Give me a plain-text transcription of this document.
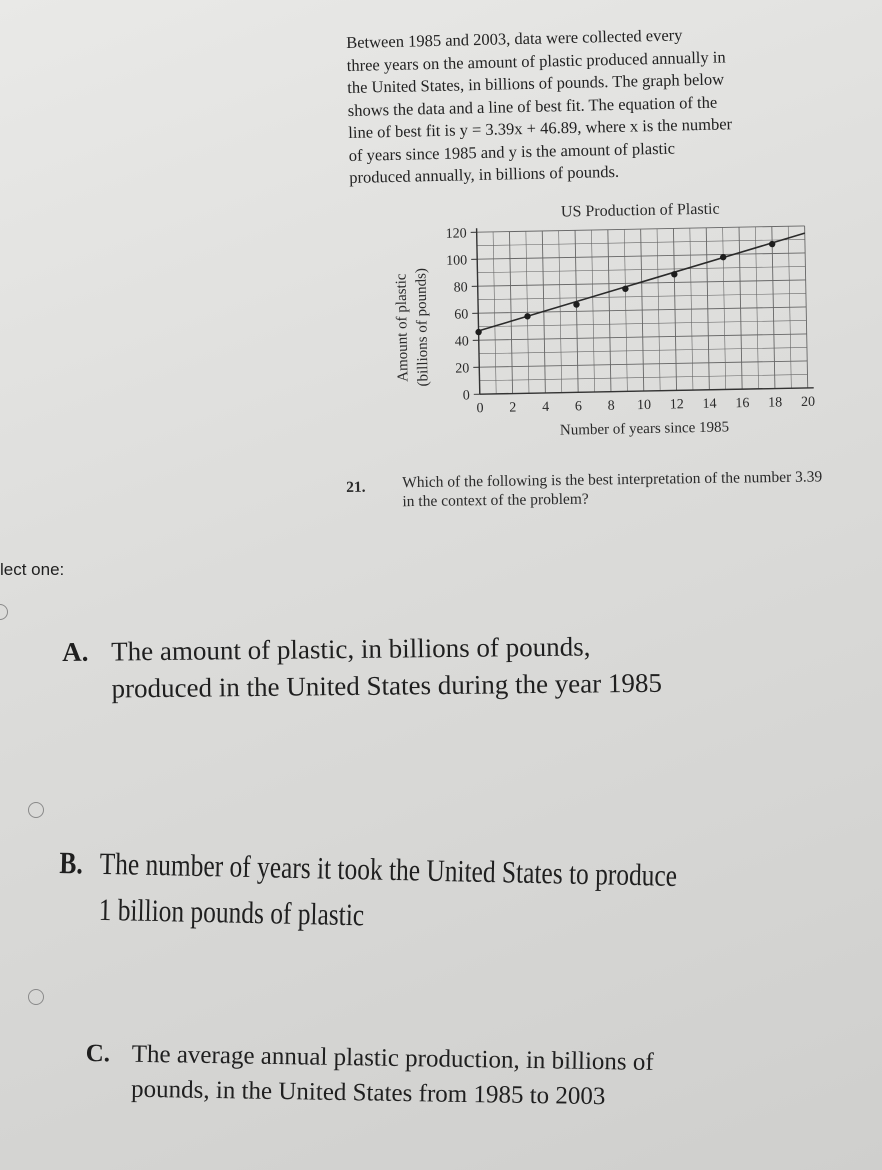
Between 1985 and 2003, data were collected every
three years on the amount of plastic produced annually in
the United States, in billions of pounds. The graph below
shows the data and a line of best fit. The equation of the
line of best fit is y = 3.39x + 46.89, where x is the number
of years since 1985 and y is the amount of plastic
produced annually, in billions of pounds.

US Production of Plastic
0
20
40
60
80
100
120
0 2 4 6 8 10 12 14 16 18 20
Amount of plastic (billions of pounds)
Number of years since 1985
21. Which of the following is the best interpretation of the number 3.39 in the context of the problem?
lect one:
A. The amount of plastic, in billions of pounds, produced in the United States during the year 1985
B. The number of years it took the United States to produce 1 billion pounds of plastic
C. The average annual plastic production, in billions of pounds, in the United States from 1985 to 2003
